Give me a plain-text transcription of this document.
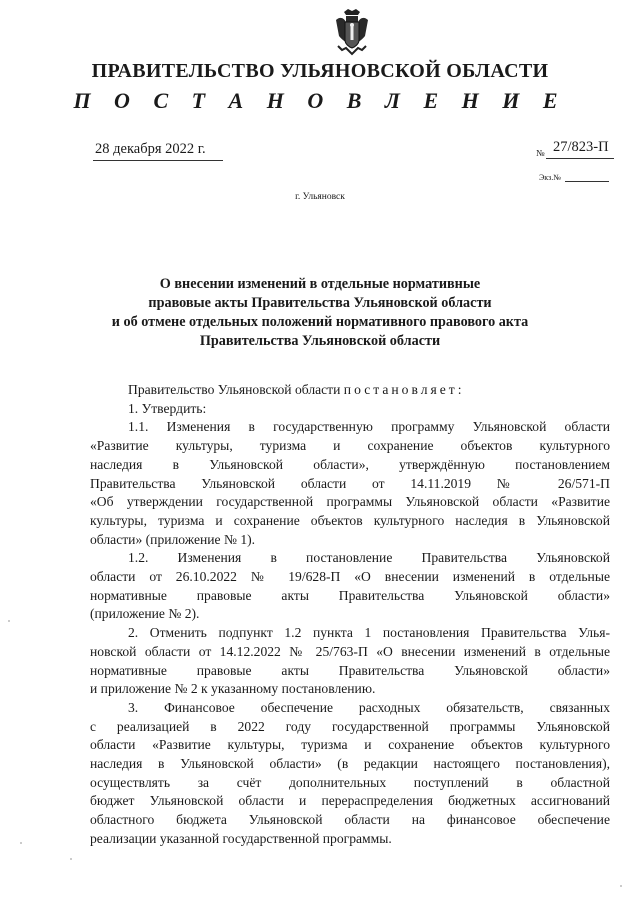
ПРАВИТЕЛЬСТВО УЛЬЯНОВСКОЙ ОБЛАСТИ
П О С Т А Н О В Л Е Н И Е
28 декабря 2022 г.	№ 27/823-П
Экз.№
г. Ульяновск
О внесении изменений в отдельные нормативные
правовые акты Правительства Ульяновской области
и об отмене отдельных положений нормативного правового акта
Правительства Ульяновской области
Правительство Ульяновской области постановляет:
1. Утвердить:
1.1. Изменения в государственную программу Ульяновской области
«Развитие культуры, туризма и сохранение объектов культурного
наследия в Ульяновской области», утверждённую постановлением
Правительства Ульяновской области от 14.11.2019 № 26/571-П
«Об утверждении государственной программы Ульяновской области «Развитие
культуры, туризма и сохранение объектов культурного наследия в Ульяновской
области» (приложение № 1).
1.2. Изменения в постановление Правительства Ульяновской
области от 26.10.2022 № 19/628-П «О внесении изменений в отдельные
нормативные правовые акты Правительства Ульяновской области»
(приложение № 2).
2. Отменить подпункт 1.2 пункта 1 постановления Правительства Улья-
новской области от 14.12.2022 № 25/763-П «О внесении изменений в отдельные
нормативные правовые акты Правительства Ульяновской области»
и приложение № 2 к указанному постановлению.
3. Финансовое обеспечение расходных обязательств, связанных
с реализацией в 2022 году государственной программы Ульяновской
области «Развитие культуры, туризма и сохранение объектов культурного
наследия в Ульяновской области» (в редакции настоящего постановления),
осуществлять за счёт дополнительных поступлений в областной
бюджет Ульяновской области и перераспределения бюджетных ассигнований
областного бюджета Ульяновской области на финансовое обеспечение
реализации указанной государственной программы.
